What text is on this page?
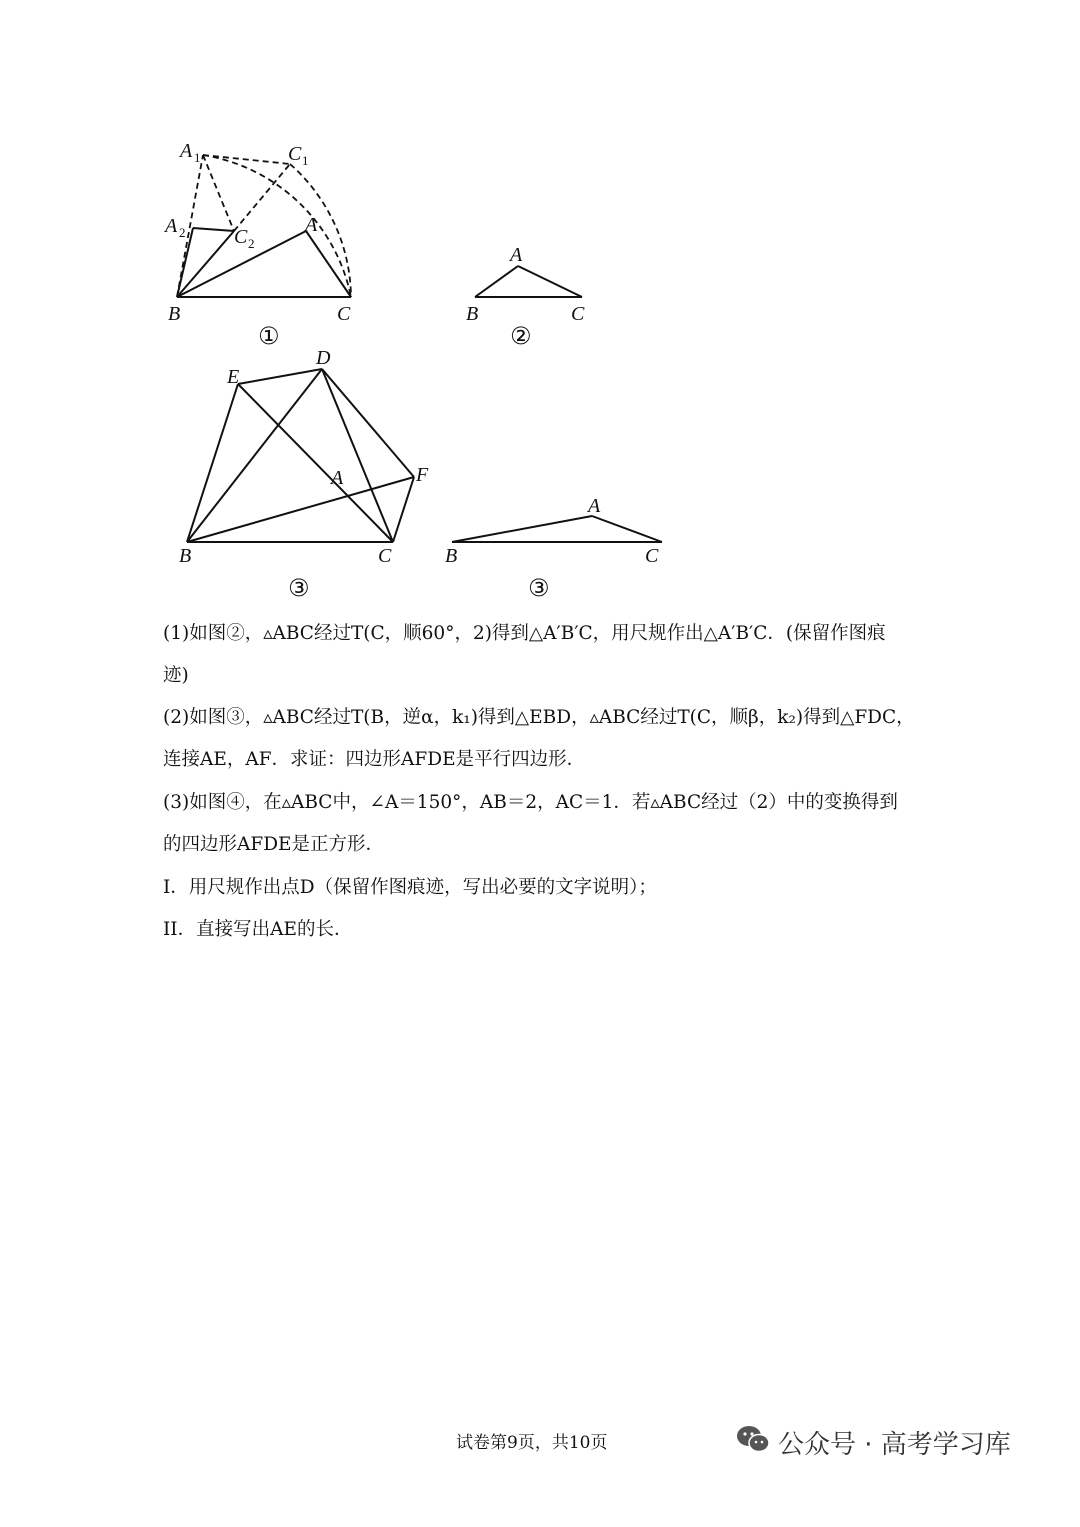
A 1	C 1
A 2 C 2
A
B	C
A
B	C
E
D
A	F
B	C
A
B	C
①	②
③	③
(1)如图②，▵ABC经过T(C，顺60°，2)得到△A′B′C，用尺规作出△A′B′C．(保留作图痕
迹)
(2)如图③，▵ABC经过T(B，逆α，k₁)得到△EBD，▵ABC经过T(C，顺β，k₂)得到△FDC，
连接AE，AF．求证：四边形AFDE是平行四边形．
(3)如图④，在▵ABC中，∠A＝150°，AB＝2，AC＝1．若▵ABC经过（2）中的变换得到
的四边形AFDE是正方形．
I．用尺规作出点D（保留作图痕迹，写出必要的文字说明）；
II．直接写出AE的长．
试卷第9页，共10页	公众号 · 高考学习库
